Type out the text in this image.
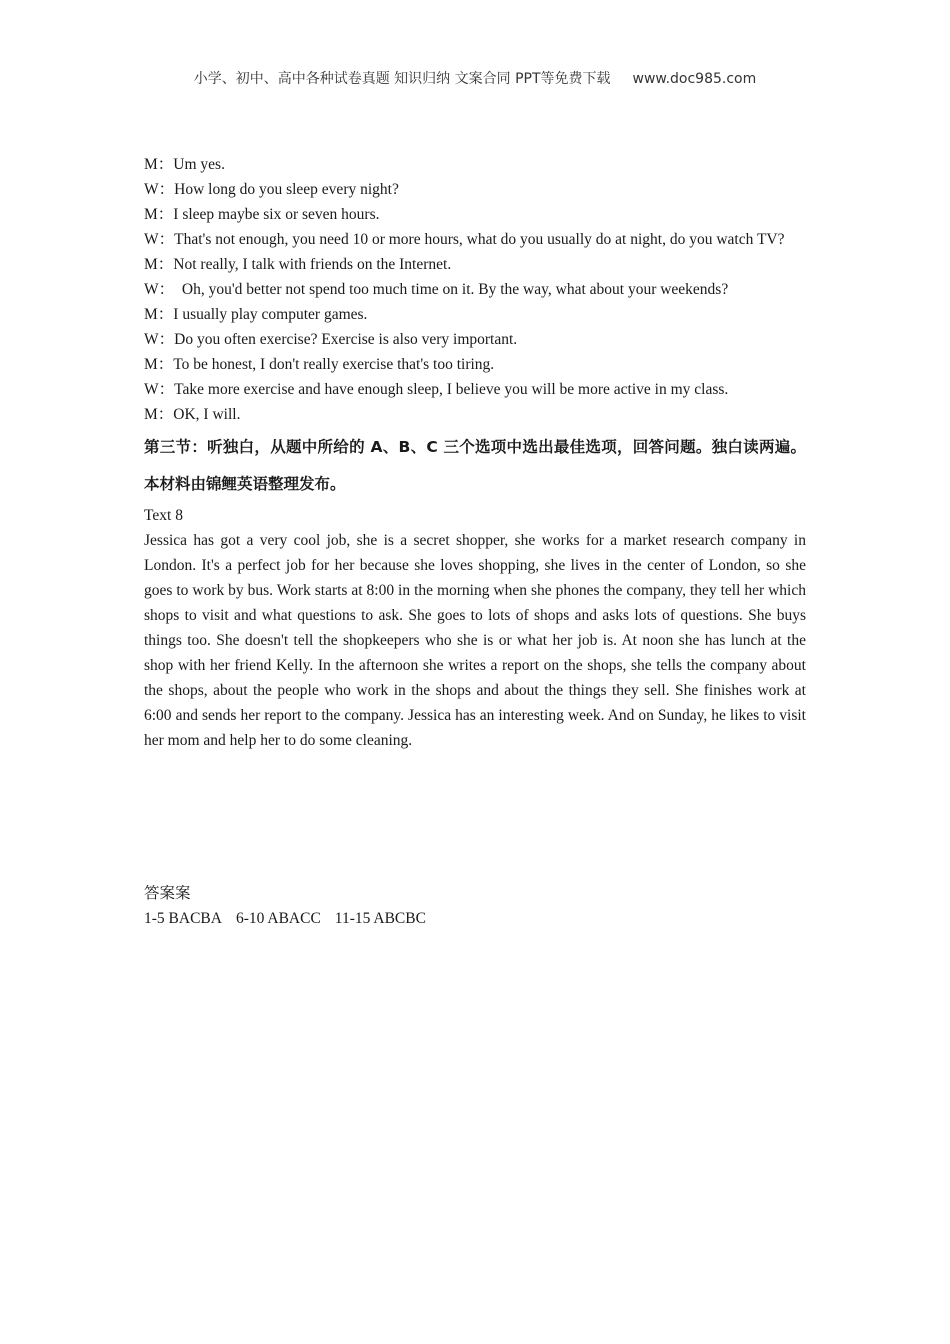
小学、初中、高中各种试卷真题 知识归纳 文案合同 PPT等免费下载 www.doc985.com

M：Um yes.

W：How long do you sleep every night?

M：I sleep maybe six or seven hours.

W：That's not enough, you need 10 or more hours, what do you usually do at night, do you watch TV?

M：Not really, I talk with friends on the Internet.

W：  Oh, you'd better not spend too much time on it. By the way, what about your weekends?

M：I usually play computer games.

W：Do you often exercise? Exercise is also very important.

M：To be honest, I don't really exercise that's too tiring.

W：Take more exercise and have enough sleep, I believe you will be more active in my class.

M：OK, I will.

第三节：听独白，从题中所给的 A、B、C 三个选项中选出最佳选项，回答问题。独白读两遍。本材料由锦鲤英语整理发布。

Text 8

Jessica has got a very cool job, she is a secret shopper, she works for a market research company in London. It's a perfect job for her because she loves shopping, she lives in the center of London, so she goes to work by bus. Work starts at 8:00 in the morning when she phones the company, they tell her which shops to visit and what questions to ask. She goes to lots of shops and asks lots of questions. She buys things too. She doesn't tell the shopkeepers who she is or what her job is. At noon she has lunch at the shop with her friend Kelly. In the afternoon she writes a report on the shops, she tells the company about the shops, about the people who work in the shops and about the things they sell. She finishes work at 6:00 and sends her report to the company. Jessica has an interesting week. And on Sunday, he likes to visit her mom and help her to do some cleaning.

答案案
1-5 BACBA 6-10 ABACC 11-15 ABCBC
